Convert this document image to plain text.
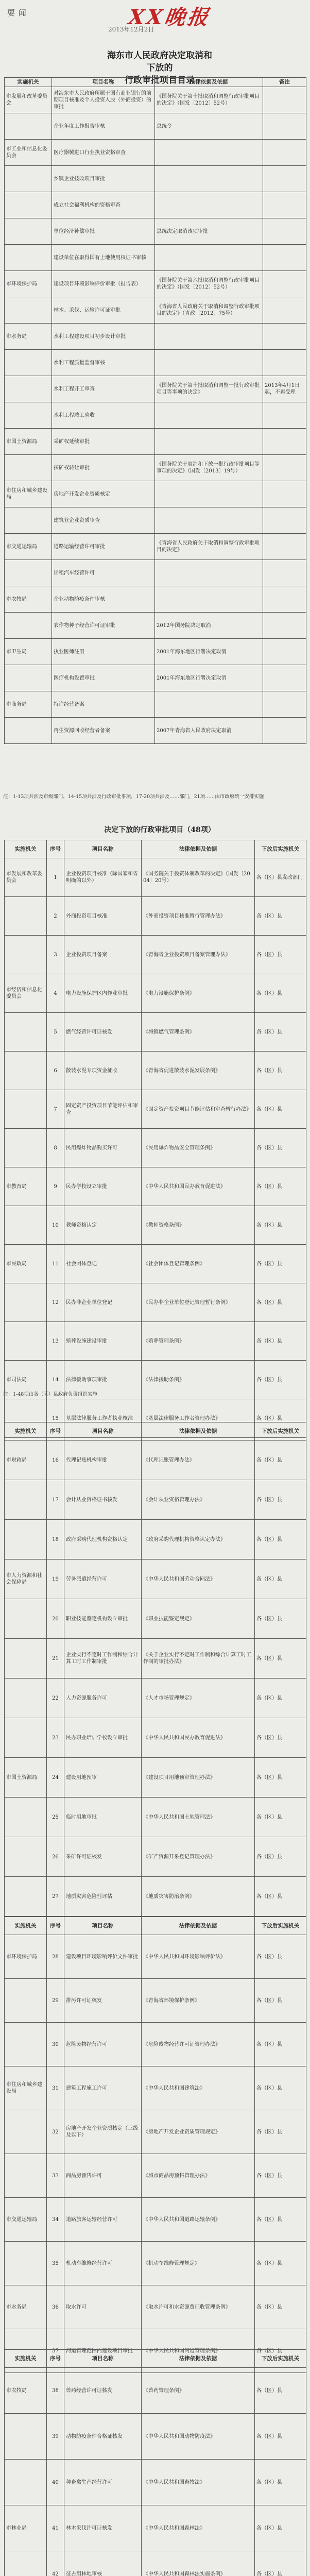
要 闻	XX晚报
2013年12月2日
海东市人民政府决定取消和下放的
行政审批项目目录
实施机关	项目名称	法律依据及依据	备注
市发展和改革委员会	对海东市人民政府所属于国有商业银行的前期项目核准及个人投资入股（外商投资）的审批	《国务院关于第十批取消和调整行政审批项目的决定》（国发〔2012〕52号）	
	企业年度工作报告审核	总统令	
市工业和信息化委员会	医疗器械进口行业执业资格审查		
	乡镇企业技改项目审批		
	成立社会福利机构的资格审查		
	单位经济补偿审批	总统决定取消该项审批	
	建设单位在取得国有土地使用权证书审核		
市环境保护局	建设项目环境影响评价审批（报告表）	《国务院关于第六批取消和调整行政审批项目的决定》（国发〔2012〕52号）	
	林木、采伐、运输许可证审批	《青海省人民政府关于取消和调整行政审批项目的决定》（青政〔2012〕75号）	
市水务局	水利工程建设项目初步设计审批		
	水利工程质量监督审核		
	水利工程开工审查	《国务院关于第十批取消和调整一批行政审批项目等事项的决定》	2013年4月1日起，不再受理
	水利工程竣工验收		
市国土资源局	采矿权延续审批		
	探矿权转让审批	《国务院关于取消和下放一批行政审批项目等事项的决定》（国发〔2013〕19号）	
市住房和城乡建设局	房地产开发企业资质核定		
	建筑业企业资质审查		
市交通运输局	道路运输经营许可审批	《青海省人民政府关于取消和调整行政审批项目的决定》	
	出租汽车经营许可		
市农牧局	企业动物防疫条件审核		
	农作物种子经营许可证审批	2012年国务院决定取消	
市卫生局	执业医师注册	2001年海东地区行署决定取消	
	医疗机构设置审批	2001年海东地区行署决定取消	
市商务局	特许经营备案		
	再生资源回收经营者备案	2007年青海省人民政府决定取消	
注：1-13项共涉及市级部门，14-15项共涉及行政审批事项，17-20项共涉及……部门，21项……由市政府统一安排实施
决定下放的行政审批项目（48项）
实施机关	序号	项目名称	法律依据及依据	下放后实施机关
市发展和改革委员会	1	企业投资项目核准（除国家和省明确的以外）	《国务院关于投资体制改革的决定》（国发〔2004〕20号）	各（区）县发改部门
	2	外商投资项目核准	《外商投资项目核准暂行管理办法》	各（区）县
	3	企业投资项目备案	《青海省企业投资项目备案管理办法》	各（区）县
市经济和信息化委员会	4	电力设施保护区内作业审批	《电力设施保护条例》	各（区）县
	5	燃气经营许可证核发	《城镇燃气管理条例》	各（区）县
	6	散装水泥专项资金征收	《青海省促进散装水泥发展条例》	各（区）县
	7	固定资产投资项目节能评估和审查	《固定资产投资项目节能评估和审查暂行办法》	各（区）县
	8	民用爆炸物品购买许可	《民用爆炸物品安全管理条例》	各（区）县
市教育局	9	民办学校设立审批	《中华人民共和国民办教育促进法》	各（区）县
	10	教师资格认定	《教师资格条例》	各（区）县
市民政局	11	社会团体登记	《社会团体登记管理条例》	各（区）县
	12	民办非企业单位登记	《民办非企业单位登记管理暂行条例》	各（区）县
	13	殡葬设施建设审批	《殡葬管理条例》	各（区）县
市司法局	14	法律援助事项审批	《法律援助条例》	各（区）县
	15	基层法律服务工作者执业核准	《基层法律服务工作者管理办法》	各（区）县
实施机关	序号	项目名称	法律依据及依据	下放后实施机关
市财政局	16	代理记账机构审批	《代理记账管理办法》	各（区）县
	17	会计从业资格证书核发	《会计从业资格管理办法》	各（区）县
	18	政府采购代理机构资格认定	《政府采购代理机构资格认定办法》	各（区）县
市人力资源和社会保障局	19	劳务派遣经营许可	《中华人民共和国劳动合同法》	各（区）县
	20	职业技能鉴定机构设立审批	《职业技能鉴定规定》	各（区）县
	21	企业实行不定时工作制和综合计算工时工作制审批	《关于企业实行不定时工作制和综合计算工时工作制的审批办法》	各（区）县
	22	人力资源服务许可	《人才市场管理规定》	各（区）县
	23	民办职业培训学校设立审批	《中华人民共和国民办教育促进法》	各（区）县
市国土资源局	24	建设用地预审	《建设项目用地预审管理办法》	各（区）县
	25	临时用地审批	《中华人民共和国土地管理法》	各（区）县
	26	采矿许可证核发	《矿产资源开采登记管理办法》	各（区）县
	27	地质灾害危险性评估	《地质灾害防治条例》	各（区）县
实施机关	序号	项目名称	法律依据及依据	下放后实施机关
市环境保护局	28	建设项目环境影响评价文件审批	《中华人民共和国环境影响评价法》	各（区）县
	29	排污许可证核发	《青海省环境保护条例》	各（区）县
	30	危险废物经营许可	《危险废物经营许可证管理办法》	各（区）县
市住房和城乡建设局	31	建筑工程施工许可	《中华人民共和国建筑法》	各（区）县
	32	房地产开发企业资质核定（三级及以下）	《房地产开发企业资质管理规定》	各（区）县
	33	商品房预售许可	《城市商品房预售管理办法》	各（区）县
市交通运输局	34	道路旅客运输经营许可	《中华人民共和国道路运输条例》	各（区）县
	35	机动车维修经营许可	《机动车维修管理规定》	各（区）县
市水务局	36	取水许可	《取水许可和水资源费征收管理条例》	各（区）县
	37	河道管理范围内建设项目审批	《中华人民共和国河道管理条例》	各（区）县
实施机关	序号	项目名称	法律依据及依据	下放后实施机关
市农牧局	38	兽药经营许可证核发	《兽药管理条例》	各（区）县
	39	动物防疫条件合格证核发	《中华人民共和国动物防疫法》	各（区）县
	40	种畜禽生产经营许可	《中华人民共和国畜牧法》	各（区）县
市林业局	41	林木采伐许可证核发	《中华人民共和国森林法》	各（区）县
	42	征占用林地审核	《中华人民共和国森林法实施条例》	各（区）县

注：1-48项由各（区）县政府负责组织实施
